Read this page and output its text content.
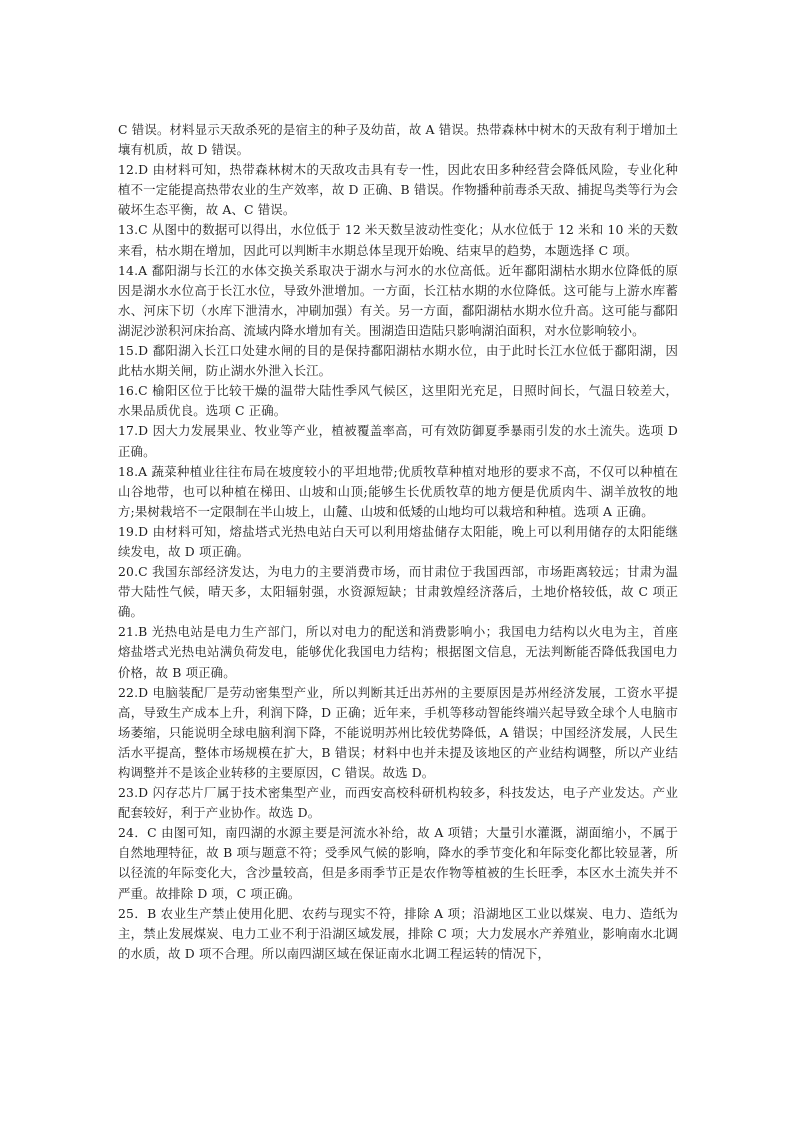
C 错误。材料显示天敌杀死的是宿主的种子及幼苗，故 A 错误。热带森林中树木的天敌有利于增加土壤有机质，故 D 错误。

12.D 由材料可知，热带森林树木的天敌攻击具有专一性，因此农田多种经营会降低风险，专业化种植不一定能提高热带农业的生产效率，故 D 正确、B 错误。作物播种前毒杀天敌、捕捉鸟类等行为会破坏生态平衡，故 A、C 错误。

13.C 从图中的数据可以得出，水位低于 12 米天数呈波动性变化；从水位低于 12 米和 10 米的天数来看，枯水期在增加，因此可以判断丰水期总体呈现开始晚、结束早的趋势，本题选择 C 项。

14.A 鄱阳湖与长江的水体交换关系取决于湖水与河水的水位高低。近年鄱阳湖枯水期水位降低的原因是湖水水位高于长江水位，导致外泄增加。一方面，长江枯水期的水位降低。这可能与上游水库蓄水、河床下切（水库下泄清水，冲刷加强）有关。另一方面，鄱阳湖枯水期水位升高。这可能与鄱阳湖泥沙淤积河床抬高、流域内降水增加有关。围湖造田造陆只影响湖泊面积，对水位影响较小。

15.D 鄱阳湖入长江口处建水闸的目的是保持鄱阳湖枯水期水位，由于此时长江水位低于鄱阳湖，因此枯水期关闸，防止湖水外泄入长江。

16.C 榆阳区位于比较干燥的温带大陆性季风气候区，这里阳光充足，日照时间长，气温日较差大，水果品质优良。选项 C 正确。

17.D 因大力发展果业、牧业等产业，植被覆盖率高，可有效防御夏季暴雨引发的水土流失。选项 D 正确。

18.A 蔬菜种植业往往布局在坡度较小的平坦地带;优质牧草种植对地形的要求不高，不仅可以种植在山谷地带，也可以种植在梯田、山坡和山顶;能够生长优质牧草的地方便是优质肉牛、湖羊放牧的地方;果树栽培不一定限制在半山坡上，山麓、山坡和低矮的山地均可以栽培和种植。选项 A 正确。

19.D 由材料可知，熔盐塔式光热电站白天可以利用熔盐储存太阳能，晚上可以利用储存的太阳能继续发电，故 D 项正确。

20.C 我国东部经济发达，为电力的主要消费市场，而甘肃位于我国西部，市场距离较远；甘肃为温带大陆性气候，晴天多，太阳辐射强，水资源短缺；甘肃敦煌经济落后，土地价格较低，故 C 项正确。

21.B 光热电站是电力生产部门，所以对电力的配送和消费影响小；我国电力结构以火电为主，首座熔盐塔式光热电站满负荷发电，能够优化我国电力结构；根据图文信息，无法判断能否降低我国电力价格，故 B 项正确。

22.D 电脑装配厂是劳动密集型产业，所以判断其迁出苏州的主要原因是苏州经济发展，工资水平提高，导致生产成本上升，利润下降，D 正确；近年来，手机等移动智能终端兴起导致全球个人电脑市场萎缩，只能说明全球电脑利润下降，不能说明苏州比较优势降低，A 错误；中国经济发展，人民生活水平提高，整体市场规模在扩大，B 错误；材料中也并未提及该地区的产业结构调整，所以产业结构调整并不是该企业转移的主要原因，C 错误。故选 D。

23.D 闪存芯片厂属于技术密集型产业，而西安高校科研机构较多，科技发达，电子产业发达。产业配套较好，利于产业协作。故选 D。

24．C 由图可知，南四湖的水源主要是河流水补给，故 A 项错；大量引水灌溉，湖面缩小，不属于自然地理特征，故 B 项与题意不符；受季风气候的影响，降水的季节变化和年际变化都比较显著，所以径流的年际变化大，含沙量较高，但是多雨季节正是农作物等植被的生长旺季，本区水土流失并不严重。故排除 D 项，C 项正确。

25．B 农业生产禁止使用化肥、农药与现实不符，排除 A 项；沿湖地区工业以煤炭、电力、造纸为主，禁止发展煤炭、电力工业不利于沿湖区域发展，排除 C 项；大力发展水产养殖业，影响南水北调的水质，故 D 项不合理。所以南四湖区域在保证南水北调工程运转的情况下，
